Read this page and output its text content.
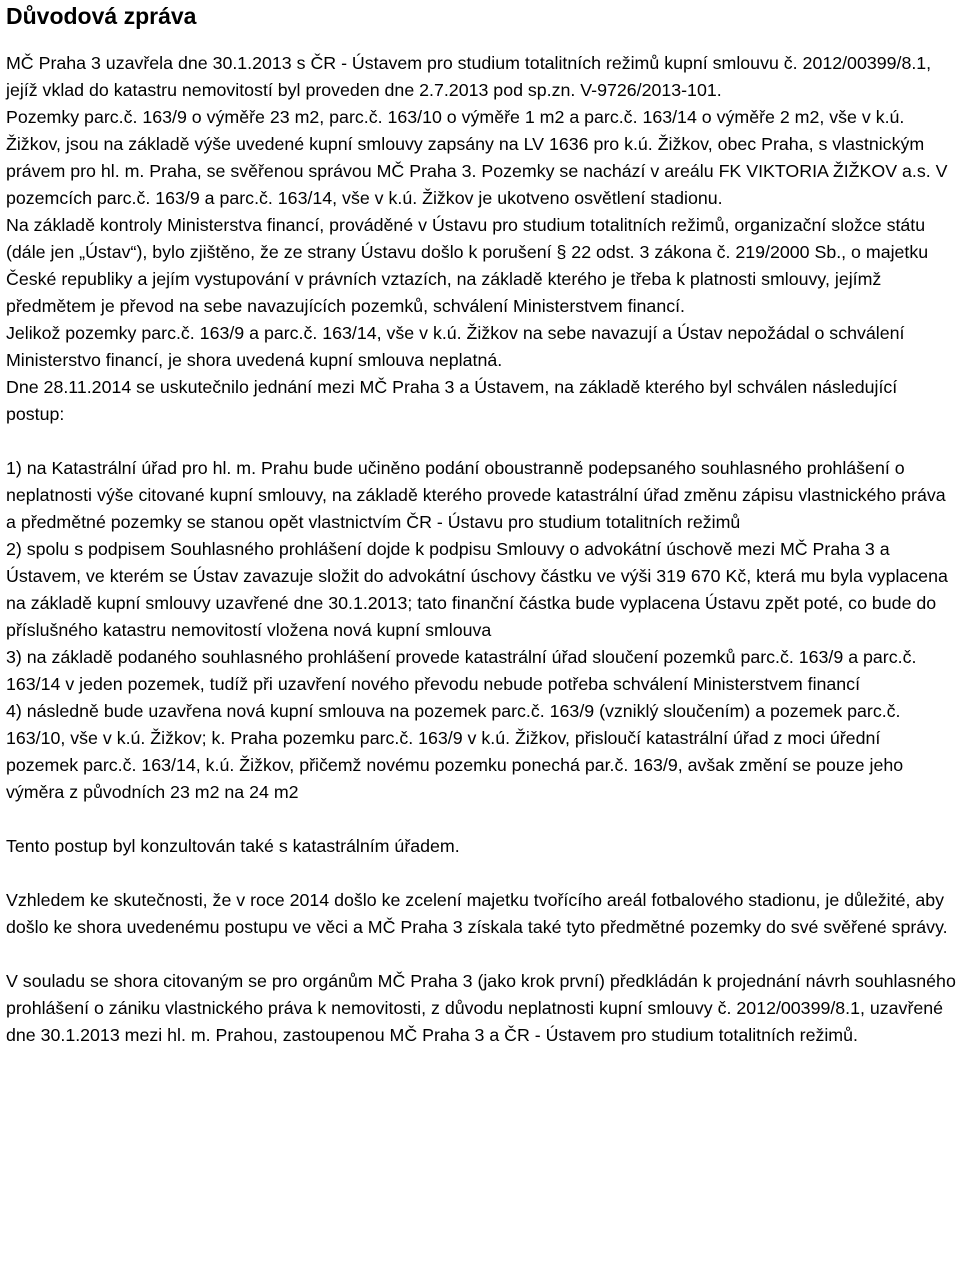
Důvodová zpráva

MČ Praha 3 uzavřela dne 30.1.2013 s ČR - Ústavem pro studium totalitních režimů kupní smlouvu č. 2012/00399/8.1, jejíž vklad do katastru nemovitostí byl proveden dne 2.7.2013 pod sp.zn. V-9726/2013-101.

Pozemky parc.č. 163/9 o výměře 23 m2, parc.č. 163/10 o výměře 1 m2 a parc.č. 163/14 o výměře 2 m2, vše v k.ú. Žižkov, jsou na základě výše uvedené kupní smlouvy zapsány na LV 1636 pro k.ú. Žižkov, obec Praha, s vlastnickým právem pro hl. m. Praha, se svěřenou správou MČ Praha 3. Pozemky se nachází v areálu FK VIKTORIA ŽIŽKOV a.s. V pozemcích parc.č. 163/9 a parc.č. 163/14, vše v k.ú. Žižkov je ukotveno osvětlení stadionu.

Na základě kontroly Ministerstva financí, prováděné v Ústavu pro studium totalitních režimů, organizační složce státu (dále jen „Ústav“), bylo zjištěno, že ze strany Ústavu došlo k porušení § 22 odst. 3 zákona č. 219/2000 Sb., o majetku České republiky a jejím vystupování v právních vztazích, na základě kterého je třeba k platnosti smlouvy, jejímž předmětem je převod na sebe navazujících pozemků, schválení Ministerstvem financí.

Jelikož pozemky parc.č. 163/9 a parc.č. 163/14, vše v k.ú. Žižkov na sebe navazují a Ústav nepožádal o schválení Ministerstvo financí, je shora uvedená kupní smlouva neplatná.

Dne 28.11.2014 se uskutečnilo jednání mezi MČ Praha 3 a Ústavem, na základě kterého byl schválen následující postup:

1) na Katastrální úřad pro hl. m. Prahu bude učiněno podání oboustranně podepsaného souhlasného prohlášení o neplatnosti výše citované kupní smlouvy, na základě kterého provede katastrální úřad změnu zápisu vlastnického práva a předmětné pozemky se stanou opět vlastnictvím ČR - Ústavu pro studium totalitních režimů

2) spolu s podpisem Souhlasného prohlášení dojde k podpisu Smlouvy o advokátní úschově mezi MČ Praha 3 a Ústavem, ve kterém se Ústav zavazuje složit do advokátní úschovy částku ve výši 319 670 Kč, která mu byla vyplacena na základě kupní smlouvy uzavřené dne 30.1.2013; tato finanční částka bude vyplacena Ústavu zpět poté, co bude do příslušného katastru nemovitostí vložena nová kupní smlouva

3) na základě podaného souhlasného prohlášení provede katastrální úřad sloučení pozemků parc.č. 163/9 a parc.č. 163/14 v jeden pozemek, tudíž při uzavření nového převodu nebude potřeba schválení Ministerstvem financí

4) následně bude uzavřena nová kupní smlouva na pozemek parc.č. 163/9 (vzniklý sloučením) a pozemek parc.č. 163/10, vše v k.ú. Žižkov; k. Praha pozemku parc.č. 163/9 v k.ú. Žižkov, přisloučí katastrální úřad z moci úřední pozemek parc.č. 163/14, k.ú. Žižkov, přičemž novému pozemku ponechá par.č. 163/9, avšak změní se pouze jeho výměra z původních 23 m2 na 24 m2

Tento postup byl konzultován také s katastrálním úřadem.

Vzhledem ke skutečnosti, že v roce 2014 došlo ke zcelení majetku tvořícího areál fotbalového stadionu, je důležité, aby došlo ke shora uvedenému postupu ve věci a MČ Praha 3 získala také tyto předmětné pozemky do své svěřené správy.

V souladu se shora citovaným se pro orgánům MČ Praha 3 (jako krok první) předkládán k projednání návrh souhlasného prohlášení o zániku vlastnického práva k nemovitosti, z důvodu neplatnosti kupní smlouvy č. 2012/00399/8.1, uzavřené dne 30.1.2013 mezi hl. m. Prahou, zastoupenou MČ Praha 3 a ČR - Ústavem pro studium totalitních režimů.
